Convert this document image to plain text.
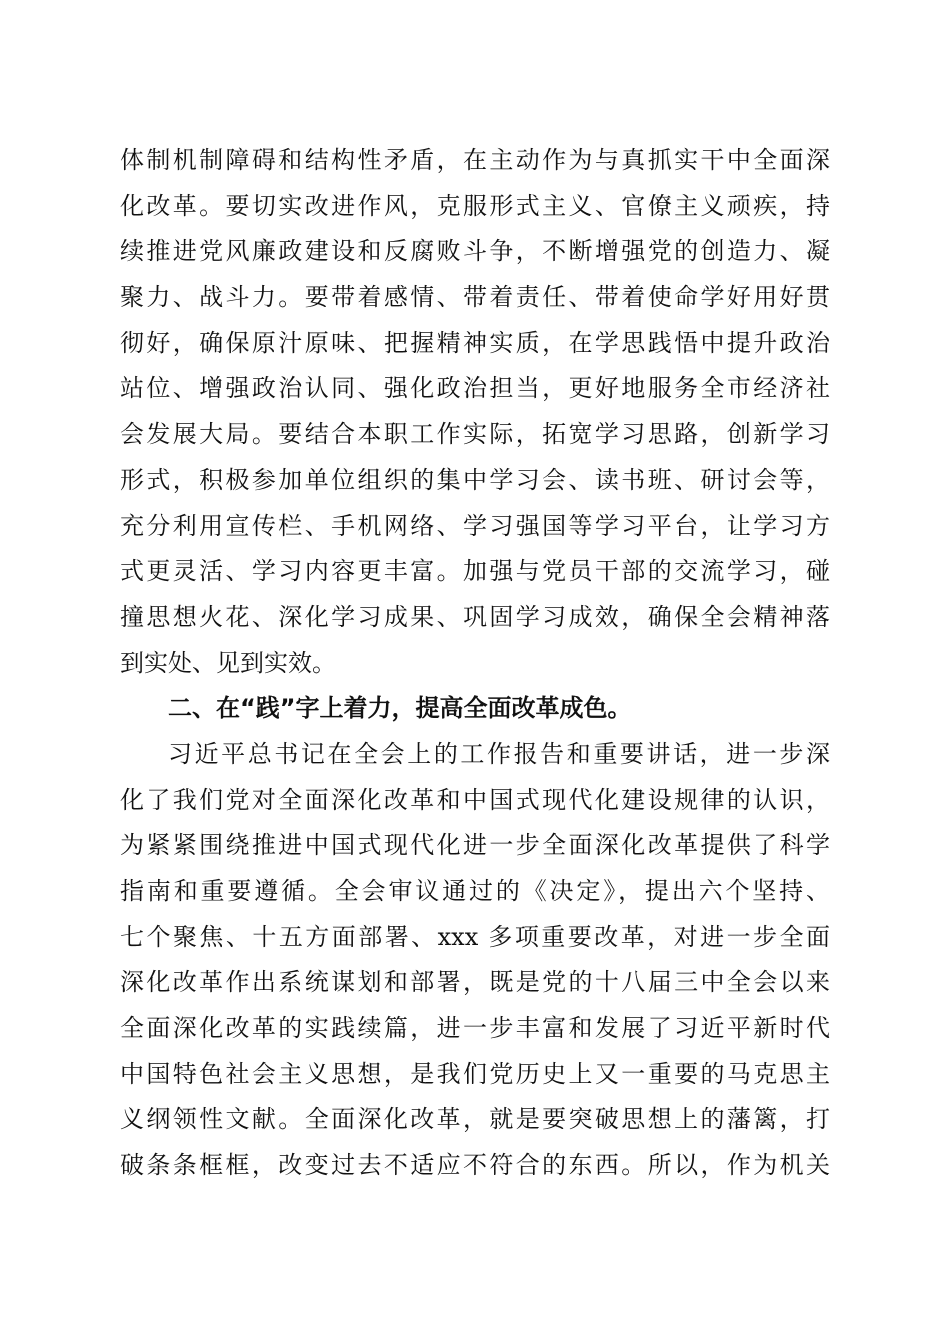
体制机制障碍和结构性矛盾，在主动作为与真抓实干中全面深
化改革。要切实改进作风，克服形式主义、官僚主义顽疾，持
续推进党风廉政建设和反腐败斗争，不断增强党的创造力、凝
聚力、战斗力。要带着感情、带着责任、带着使命学好用好贯
彻好，确保原汁原味、把握精神实质，在学思践悟中提升政治
站位、增强政治认同、强化政治担当，更好地服务全市经济社
会发展大局。要结合本职工作实际，拓宽学习思路，创新学习
形式，积极参加单位组织的集中学习会、读书班、研讨会等，
充分利用宣传栏、手机网络、学习强国等学习平台，让学习方
式更灵活、学习内容更丰富。加强与党员干部的交流学习，碰
撞思想火花、深化学习成果、巩固学习成效，确保全会精神落
到实处、见到实效。
二、在“践”字上着力，提高全面改革成色。
习近平总书记在全会上的工作报告和重要讲话，进一步深
化了我们党对全面深化改革和中国式现代化建设规律的认识，
为紧紧围绕推进中国式现代化进一步全面深化改革提供了科学
指南和重要遵循。全会审议通过的《决定》，提出六个坚持、
七个聚焦、十五方面部署、xxx 多项重要改革，对进一步全面
深化改革作出系统谋划和部署，既是党的十八届三中全会以来
全面深化改革的实践续篇，进一步丰富和发展了习近平新时代
中国特色社会主义思想，是我们党历史上又一重要的马克思主
义纲领性文献。全面深化改革，就是要突破思想上的藩篱，打
破条条框框，改变过去不适应不符合的东西。所以，作为机关
